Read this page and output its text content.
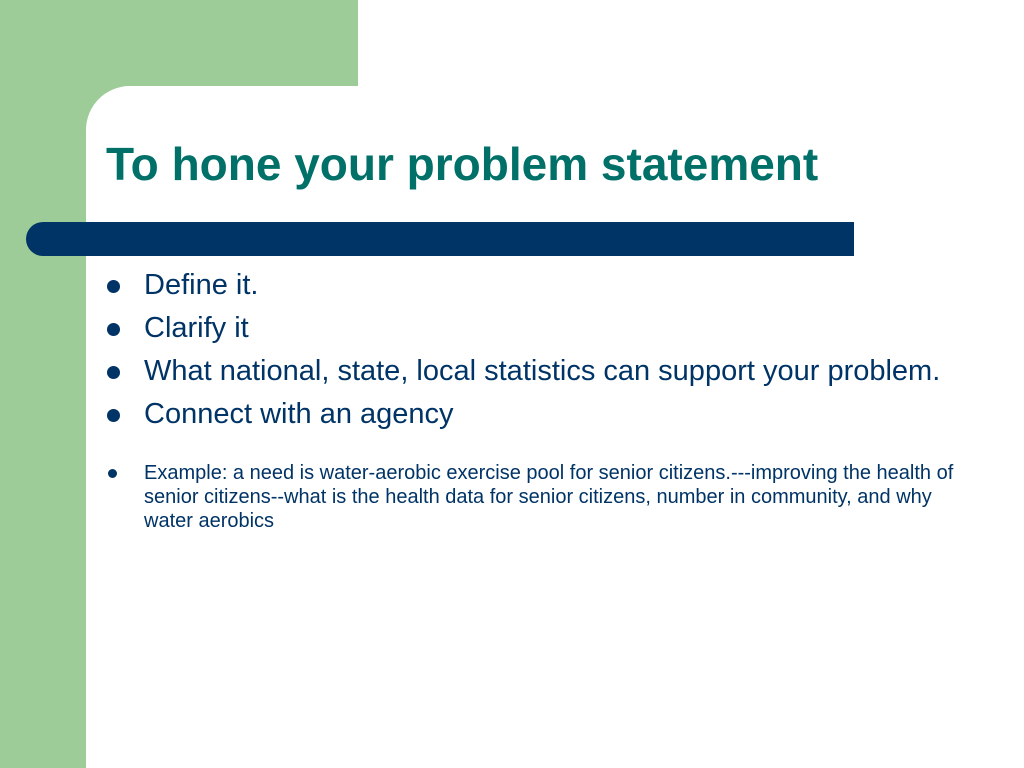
To hone your problem statement
Define it.
Clarify it
What national, state, local statistics can support your problem.
Connect with an agency
Example: a need is water-aerobic exercise pool for senior citizens.---improving the health of senior citizens--what is the health data for senior citizens, number in community, and why water aerobics
